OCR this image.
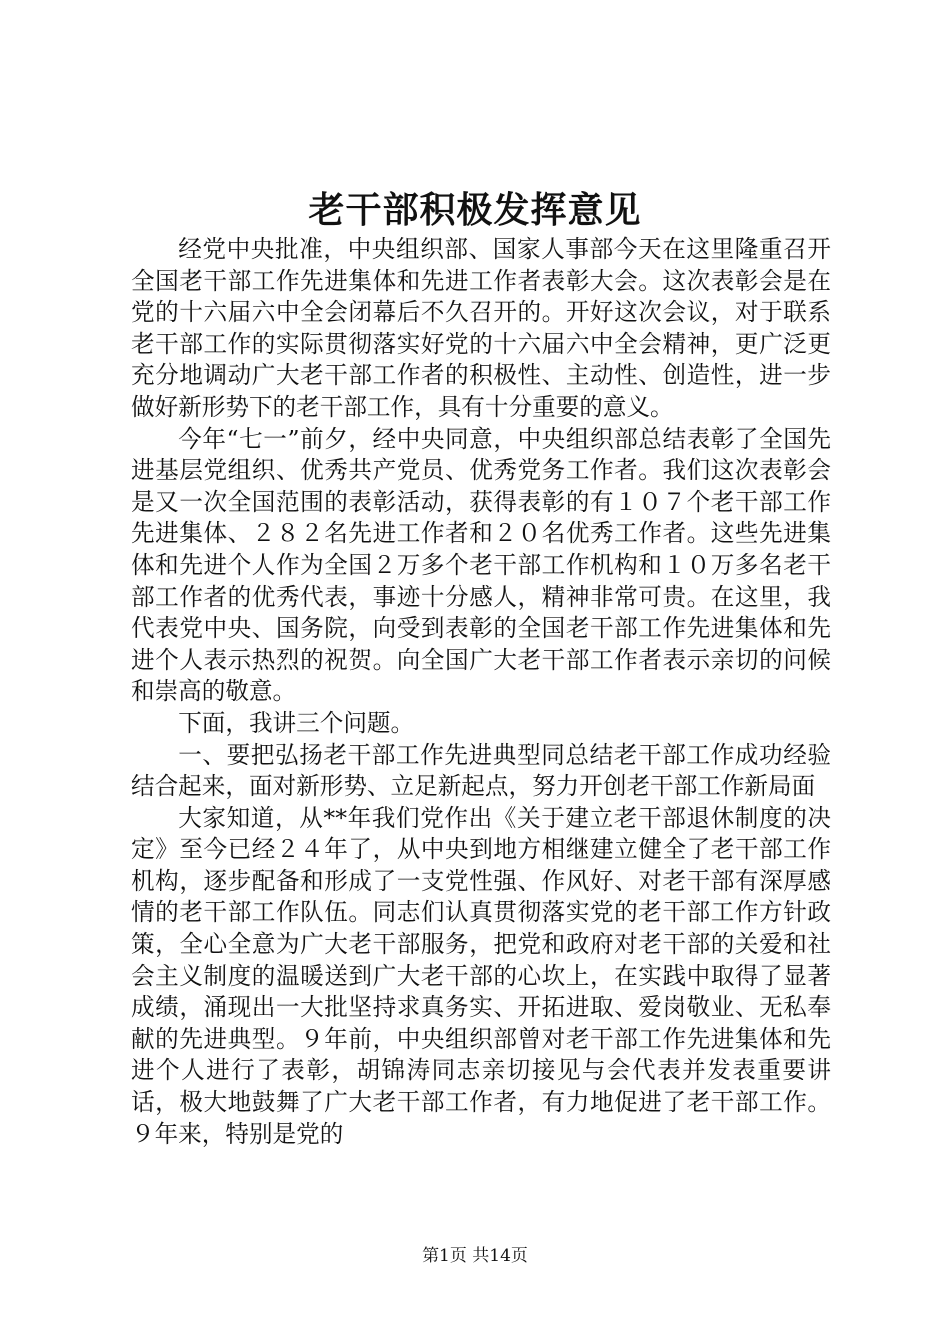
老干部积极发挥意见

经党中央批准，中央组织部、国家人事部今天在这里隆重召开全国老干部工作先进集体和先进工作者表彰大会。这次表彰会是在党的十六届六中全会闭幕后不久召开的。开好这次会议，对于联系老干部工作的实际贯彻落实好党的十六届六中全会精神，更广泛更充分地调动广大老干部工作者的积极性、主动性、创造性，进一步做好新形势下的老干部工作，具有十分重要的意义。

今年“七一”前夕，经中央同意，中央组织部总结表彰了全国先进基层党组织、优秀共产党员、优秀党务工作者。我们这次表彰会是又一次全国范围的表彰活动，获得表彰的有１０７个老干部工作先进集体、２８２名先进工作者和２０名优秀工作者。这些先进集体和先进个人作为全国２万多个老干部工作机构和１０万多名老干部工作者的优秀代表，事迹十分感人，精神非常可贵。在这里，我代表党中央、国务院，向受到表彰的全国老干部工作先进集体和先进个人表示热烈的祝贺。向全国广大老干部工作者表示亲切的问候和崇高的敬意。

下面，我讲三个问题。

一、要把弘扬老干部工作先进典型同总结老干部工作成功经验结合起来，面对新形势、立足新起点，努力开创老干部工作新局面

大家知道，从**年我们党作出《关于建立老干部退休制度的决定》至今已经２４年了，从中央到地方相继建立健全了老干部工作机构，逐步配备和形成了一支党性强、作风好、对老干部有深厚感情的老干部工作队伍。同志们认真贯彻落实党的老干部工作方针政策，全心全意为广大老干部服务，把党和政府对老干部的关爱和社会主义制度的温暖送到广大老干部的心坎上，在实践中取得了显著成绩，涌现出一大批坚持求真务实、开拓进取、爱岗敬业、无私奉献的先进典型。９年前，中央组织部曾对老干部工作先进集体和先进个人进行了表彰，胡锦涛同志亲切接见与会代表并发表重要讲话，极大地鼓舞了广大老干部工作者，有力地促进了老干部工作。９年来，特别是党的

第1页 共14页
